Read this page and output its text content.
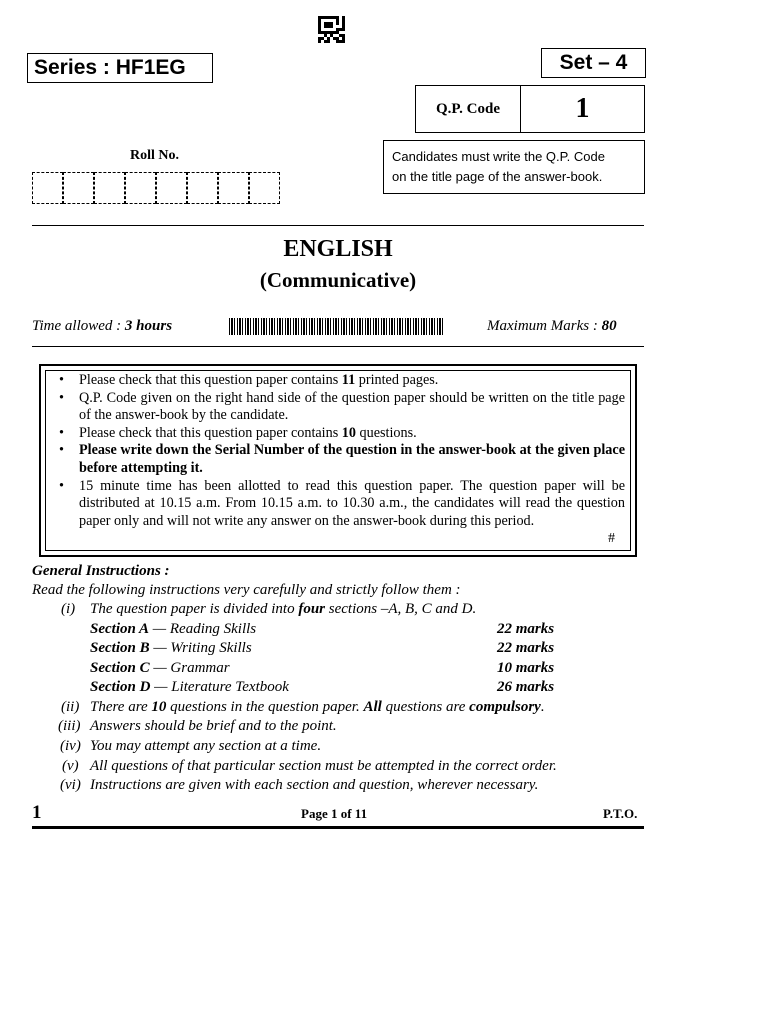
Series : HF1EG	Set – 4
Q.P. Code	1
Candidates must write the Q.P. Code
on the title page of the answer-book.
Roll No.
ENGLISH
(Communicative)
Time allowed : 3 hours	Maximum Marks : 80
• Please check that this question paper contains 11 printed pages.
• Q.P. Code given on the right hand side of the question paper should be written on the title page of the answer-book by the candidate.
• Please check that this question paper contains 10 questions.
• Please write down the Serial Number of the question in the answer-book at the given place before attempting it.
• 15 minute time has been allotted to read this question paper. The question paper will be distributed at 10.15 a.m. From 10.15 a.m. to 10.30 a.m., the candidates will read the question paper only and will not write any answer on the answer-book during this period.
#
General Instructions :
Read the following instructions very carefully and strictly follow them :
(i) The question paper is divided into four sections –A, B, C and D.
Section A — Reading Skills	22 marks
Section B — Writing Skills	22 marks
Section C — Grammar	10 marks
Section D — Literature Textbook	26 marks
(ii) There are 10 questions in the question paper. All questions are compulsory.
(iii) Answers should be brief and to the point.
(iv) You may attempt any section at a time.
(v) All questions of that particular section must be attempted in the correct order.
(vi) Instructions are given with each section and question, wherever necessary.
1	Page 1 of 11	P.T.O.
